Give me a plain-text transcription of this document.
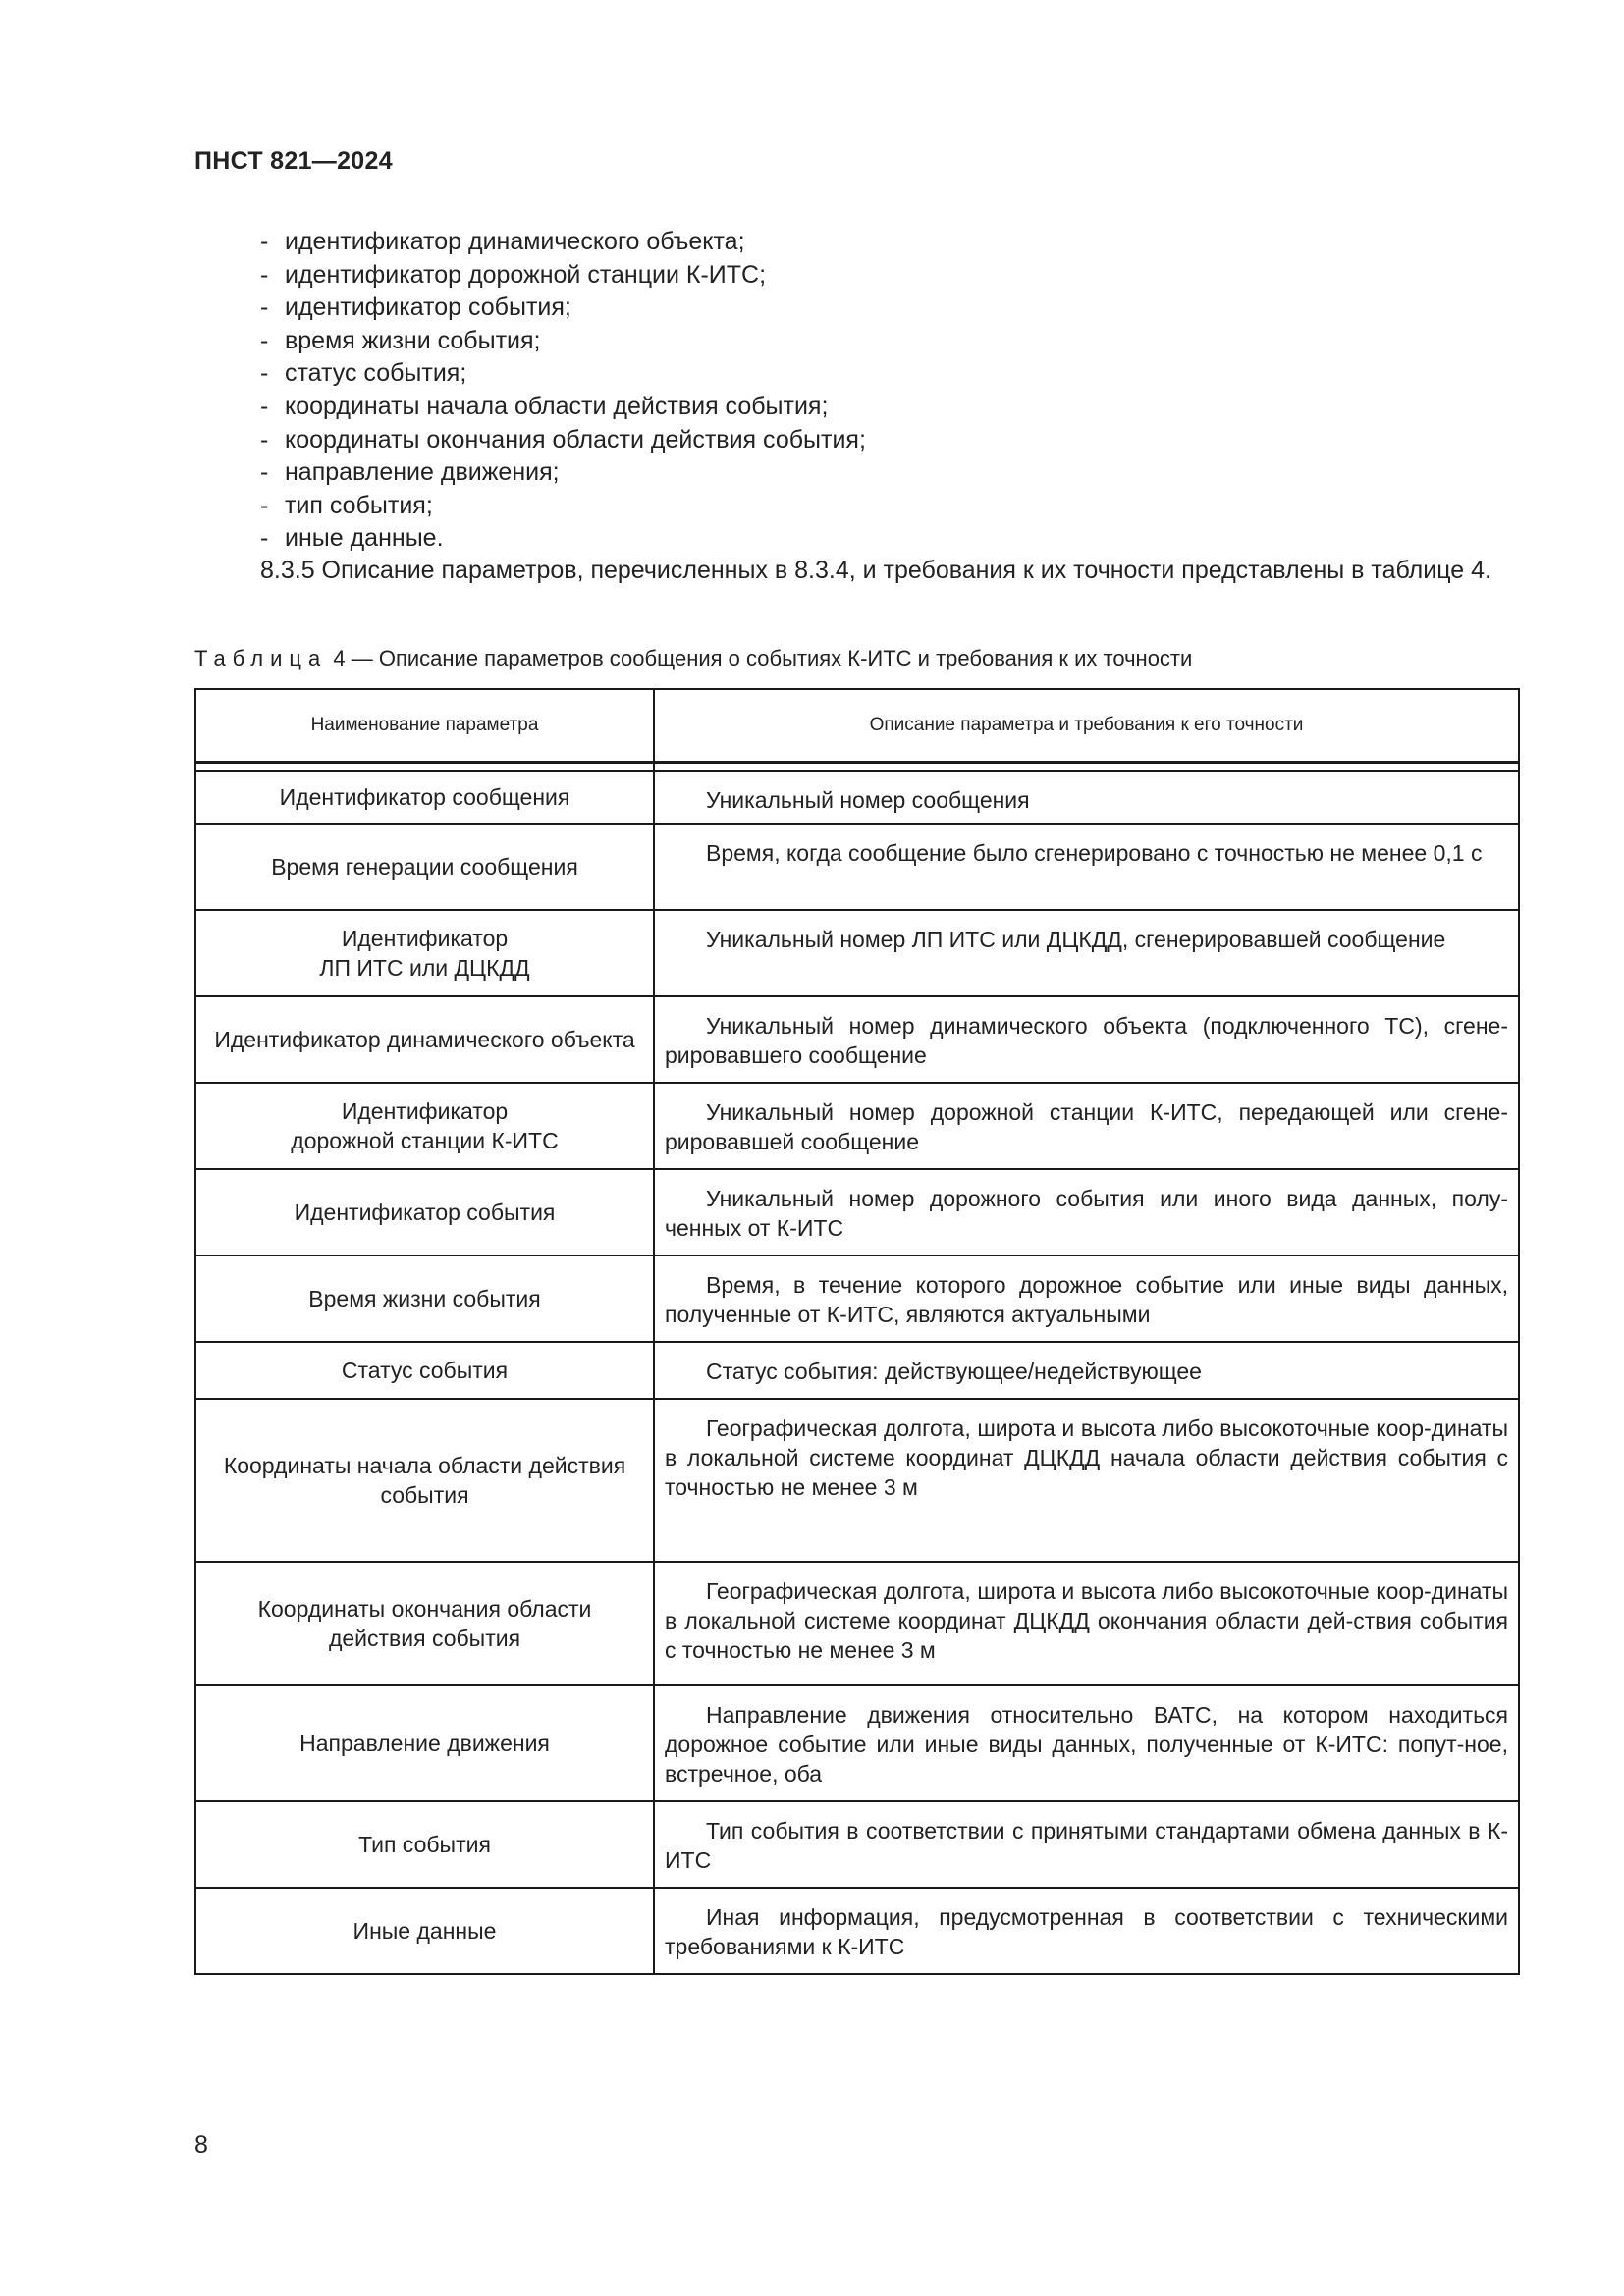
ПНСТ 821—2024
- идентификатор динамического объекта;
- идентификатор дорожной станции К-ИТС;
- идентификатор события;
- время жизни события;
- статус события;
- координаты начала области действия события;
- координаты окончания области действия события;
- направление движения;
- тип события;
- иные данные.
8.3.5 Описание параметров, перечисленных в 8.3.4, и требования к их точности представлены в таблице 4.
Таблица 4 — Описание параметров сообщения о событиях К-ИТС и требования к их точности
Наименование параметра	Описание параметра и требования к его точности

Идентификатор сообщения	Уникальный номер сообщения
Время генерации сообщения	Время, когда сообщение было сгенерировано с точностью не менее 0,1 с
Идентификатор
ЛП ИТС или ДЦКДД	Уникальный номер ЛП ИТС или ДЦКДД, сгенерировавшей сообщение
Идентификатор динамического объекта	Уникальный номер динамического объекта (подключенного ТС), сгене-рировавшего сообщение
Идентификатор
дорожной станции К-ИТС	Уникальный номер дорожной станции К-ИТС, передающей или сгене-рировавшей сообщение
Идентификатор события	Уникальный номер дорожного события или иного вида данных, полу-ченных от К-ИТС
Время жизни события	Время, в течение которого дорожное событие или иные виды данных, полученные от К-ИТС, являются актуальными
Статус события	Статус события: действующее/недействующее
Координаты начала области действия события	Географическая долгота, широта и высота либо высокоточные коор-динаты в локальной системе координат ДЦКДД начала области действия события с точностью не менее 3 м
Координаты окончания области действия события	Географическая долгота, широта и высота либо высокоточные коор-динаты в локальной системе координат ДЦКДД окончания области дей-ствия события с точностью не менее 3 м
Направление движения	Направление движения относительно ВАТС, на котором находиться дорожное событие или иные виды данных, полученные от К-ИТС: попут-ное, встречное, оба
Тип события	Тип события в соответствии с принятыми стандартами обмена данных в К-ИТС
Иные данные	Иная информация, предусмотренная в соответствии с техническими требованиями к К-ИТС
8
